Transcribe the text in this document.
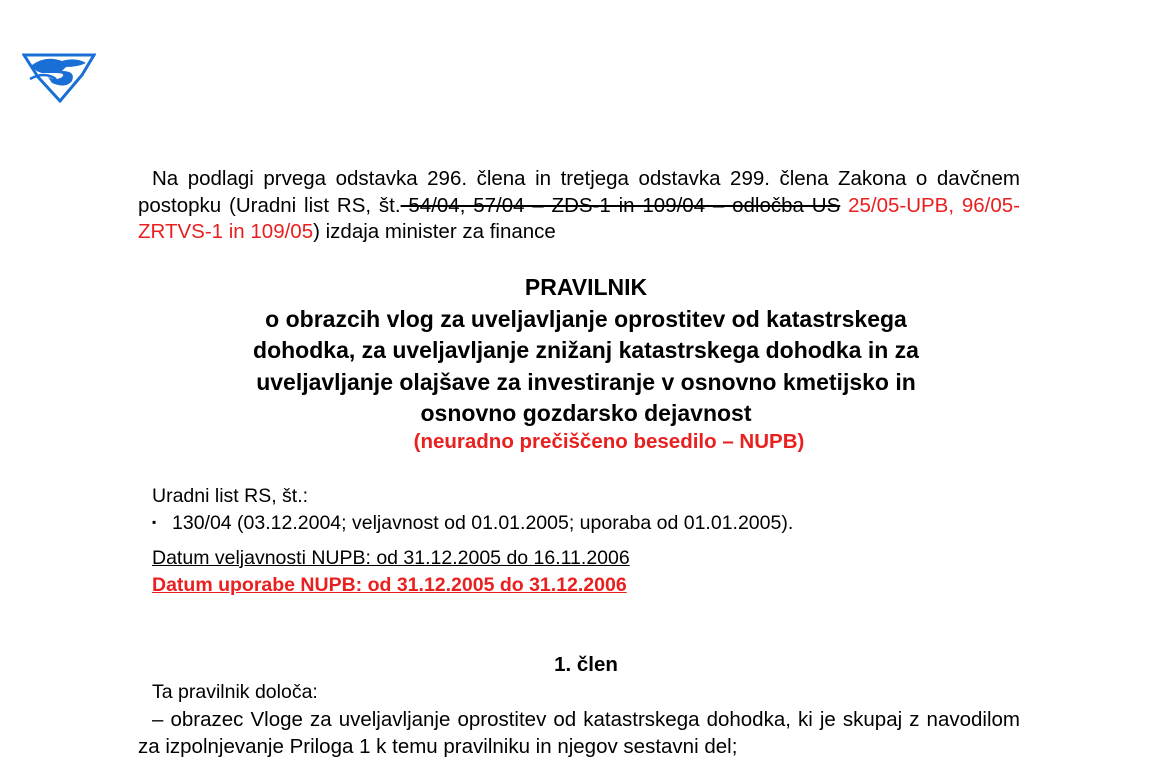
Na podlagi prvega odstavka 296. člena in tretjega odstavka 299. člena Zakona o davčnem postopku (Uradni list RS, št. 54/04, 57/04 – ZDS-1 in 109/04 – odločba US 25/05-UPB, 96/05-ZRTVS-1 in 109/05) izdaja minister za finance
PRAVILNIK
o obrazcih vlog za uveljavljanje oprostitev od katastrskega
dohodka, za uveljavljanje znižanj katastrskega dohodka in za
uveljavljanje olajšave za investiranje v osnovno kmetijsko in
osnovno gozdarsko dejavnost
(neuradno prečiščeno besedilo – NUPB)
Uradni list RS, št.:
▪ 130/04 (03.12.2004; veljavnost od 01.01.2005; uporaba od 01.01.2005).
Datum veljavnosti NUPB: od 31.12.2005 do 16.11.2006
Datum uporabe NUPB: od 31.12.2005 do 31.12.2006
1. člen
Ta pravilnik določa:
– obrazec Vloge za uveljavljanje oprostitev od katastrskega dohodka, ki je skupaj z navodilom za izpolnjevanje Priloga 1 k temu pravilniku in njegov sestavni del;
